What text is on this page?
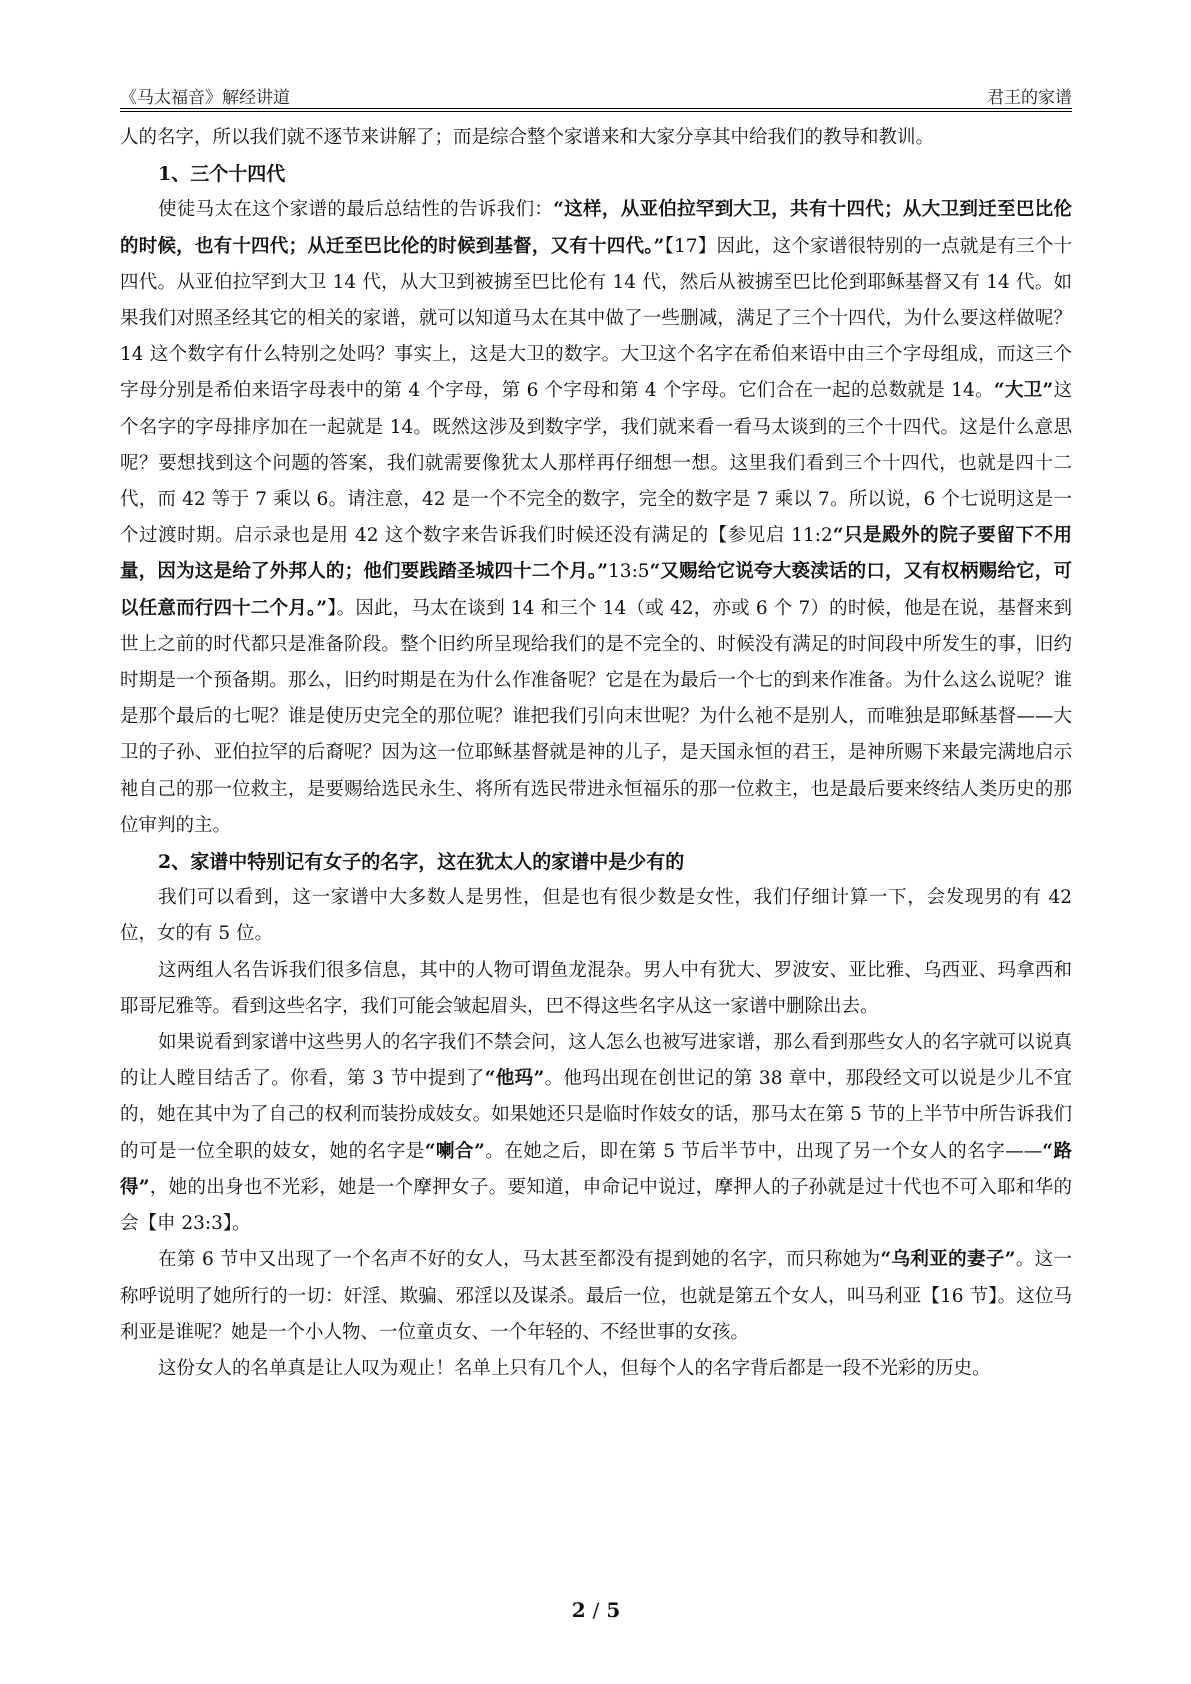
《马太福音》解经讲道	君王的家谱

人的名字，所以我们就不逐节来讲解了；而是综合整个家谱来和大家分享其中给我们的教导和教训。

1、三个十四代

使徒马太在这个家谱的最后总结性的告诉我们：“这样，从亚伯拉罕到大卫，共有十四代；从大卫到迁至巴比伦的时候，也有十四代；从迁至巴比伦的时候到基督，又有十四代。”【17】因此，这个家谱很特别的一点就是有三个十四代。从亚伯拉罕到大卫 14 代，从大卫到被掳至巴比伦有 14 代，然后从被掳至巴比伦到耶稣基督又有 14 代。如果我们对照圣经其它的相关的家谱，就可以知道马太在其中做了一些删减，满足了三个十四代，为什么要这样做呢？14 这个数字有什么特别之处吗？事实上，这是大卫的数字。大卫这个名字在希伯来语中由三个字母组成，而这三个字母分别是希伯来语字母表中的第 4 个字母，第 6 个字母和第 4 个字母。它们合在一起的总数就是 14。“大卫”这个名字的字母排序加在一起就是 14。既然这涉及到数字学，我们就来看一看马太谈到的三个十四代。这是什么意思呢？要想找到这个问题的答案，我们就需要像犹太人那样再仔细想一想。这里我们看到三个十四代，也就是四十二代，而 42 等于 7 乘以 6。请注意，42 是一个不完全的数字，完全的数字是 7 乘以 7。所以说，6 个七说明这是一个过渡时期。启示录也是用 42 这个数字来告诉我们时候还没有满足的【参见启 11:2“只是殿外的院子要留下不用量，因为这是给了外邦人的；他们要践踏圣城四十二个月。”13:5“又赐给它说夸大亵渎话的口，又有权柄赐给它，可以任意而行四十二个月。”】。因此，马太在谈到 14 和三个 14（或 42，亦或 6 个 7）的时候，他是在说，基督来到世上之前的时代都只是准备阶段。整个旧约所呈现给我们的是不完全的、时候没有满足的时间段中所发生的事，旧约时期是一个预备期。那么，旧约时期是在为什么作准备呢？它是在为最后一个七的到来作准备。为什么这么说呢？谁是那个最后的七呢？谁是使历史完全的那位呢？谁把我们引向末世呢？为什么祂不是别人，而唯独是耶稣基督——大卫的子孙、亚伯拉罕的后裔呢？因为这一位耶稣基督就是神的儿子，是天国永恒的君王，是神所赐下来最完满地启示祂自己的那一位救主，是要赐给选民永生、将所有选民带进永恒福乐的那一位救主，也是最后要来终结人类历史的那位审判的主。

2、家谱中特别记有女子的名字，这在犹太人的家谱中是少有的

我们可以看到，这一家谱中大多数人是男性，但是也有很少数是女性，我们仔细计算一下，会发现男的有 42 位，女的有 5 位。

这两组人名告诉我们很多信息，其中的人物可谓鱼龙混杂。男人中有犹大、罗波安、亚比雅、乌西亚、玛拿西和耶哥尼雅等。看到这些名字，我们可能会皱起眉头，巴不得这些名字从这一家谱中删除出去。

如果说看到家谱中这些男人的名字我们不禁会问，这人怎么也被写进家谱，那么看到那些女人的名字就可以说真的让人瞠目结舌了。你看，第 3 节中提到了“他玛”。他玛出现在创世记的第 38 章中，那段经文可以说是少儿不宜的，她在其中为了自己的权利而装扮成妓女。如果她还只是临时作妓女的话，那马太在第 5 节的上半节中所告诉我们的可是一位全职的妓女，她的名字是“喇合”。在她之后，即在第 5 节后半节中，出现了另一个女人的名字——“路得”，她的出身也不光彩，她是一个摩押女子。要知道，申命记中说过，摩押人的子孙就是过十代也不可入耶和华的会【申 23:3】。

在第 6 节中又出现了一个名声不好的女人，马太甚至都没有提到她的名字，而只称她为“乌利亚的妻子”。这一称呼说明了她所行的一切：奸淫、欺骗、邪淫以及谋杀。最后一位，也就是第五个女人，叫马利亚【16 节】。这位马利亚是谁呢？她是一个小人物、一位童贞女、一个年轻的、不经世事的女孩。

这份女人的名单真是让人叹为观止！名单上只有几个人，但每个人的名字背后都是一段不光彩的历史。

2 / 5
